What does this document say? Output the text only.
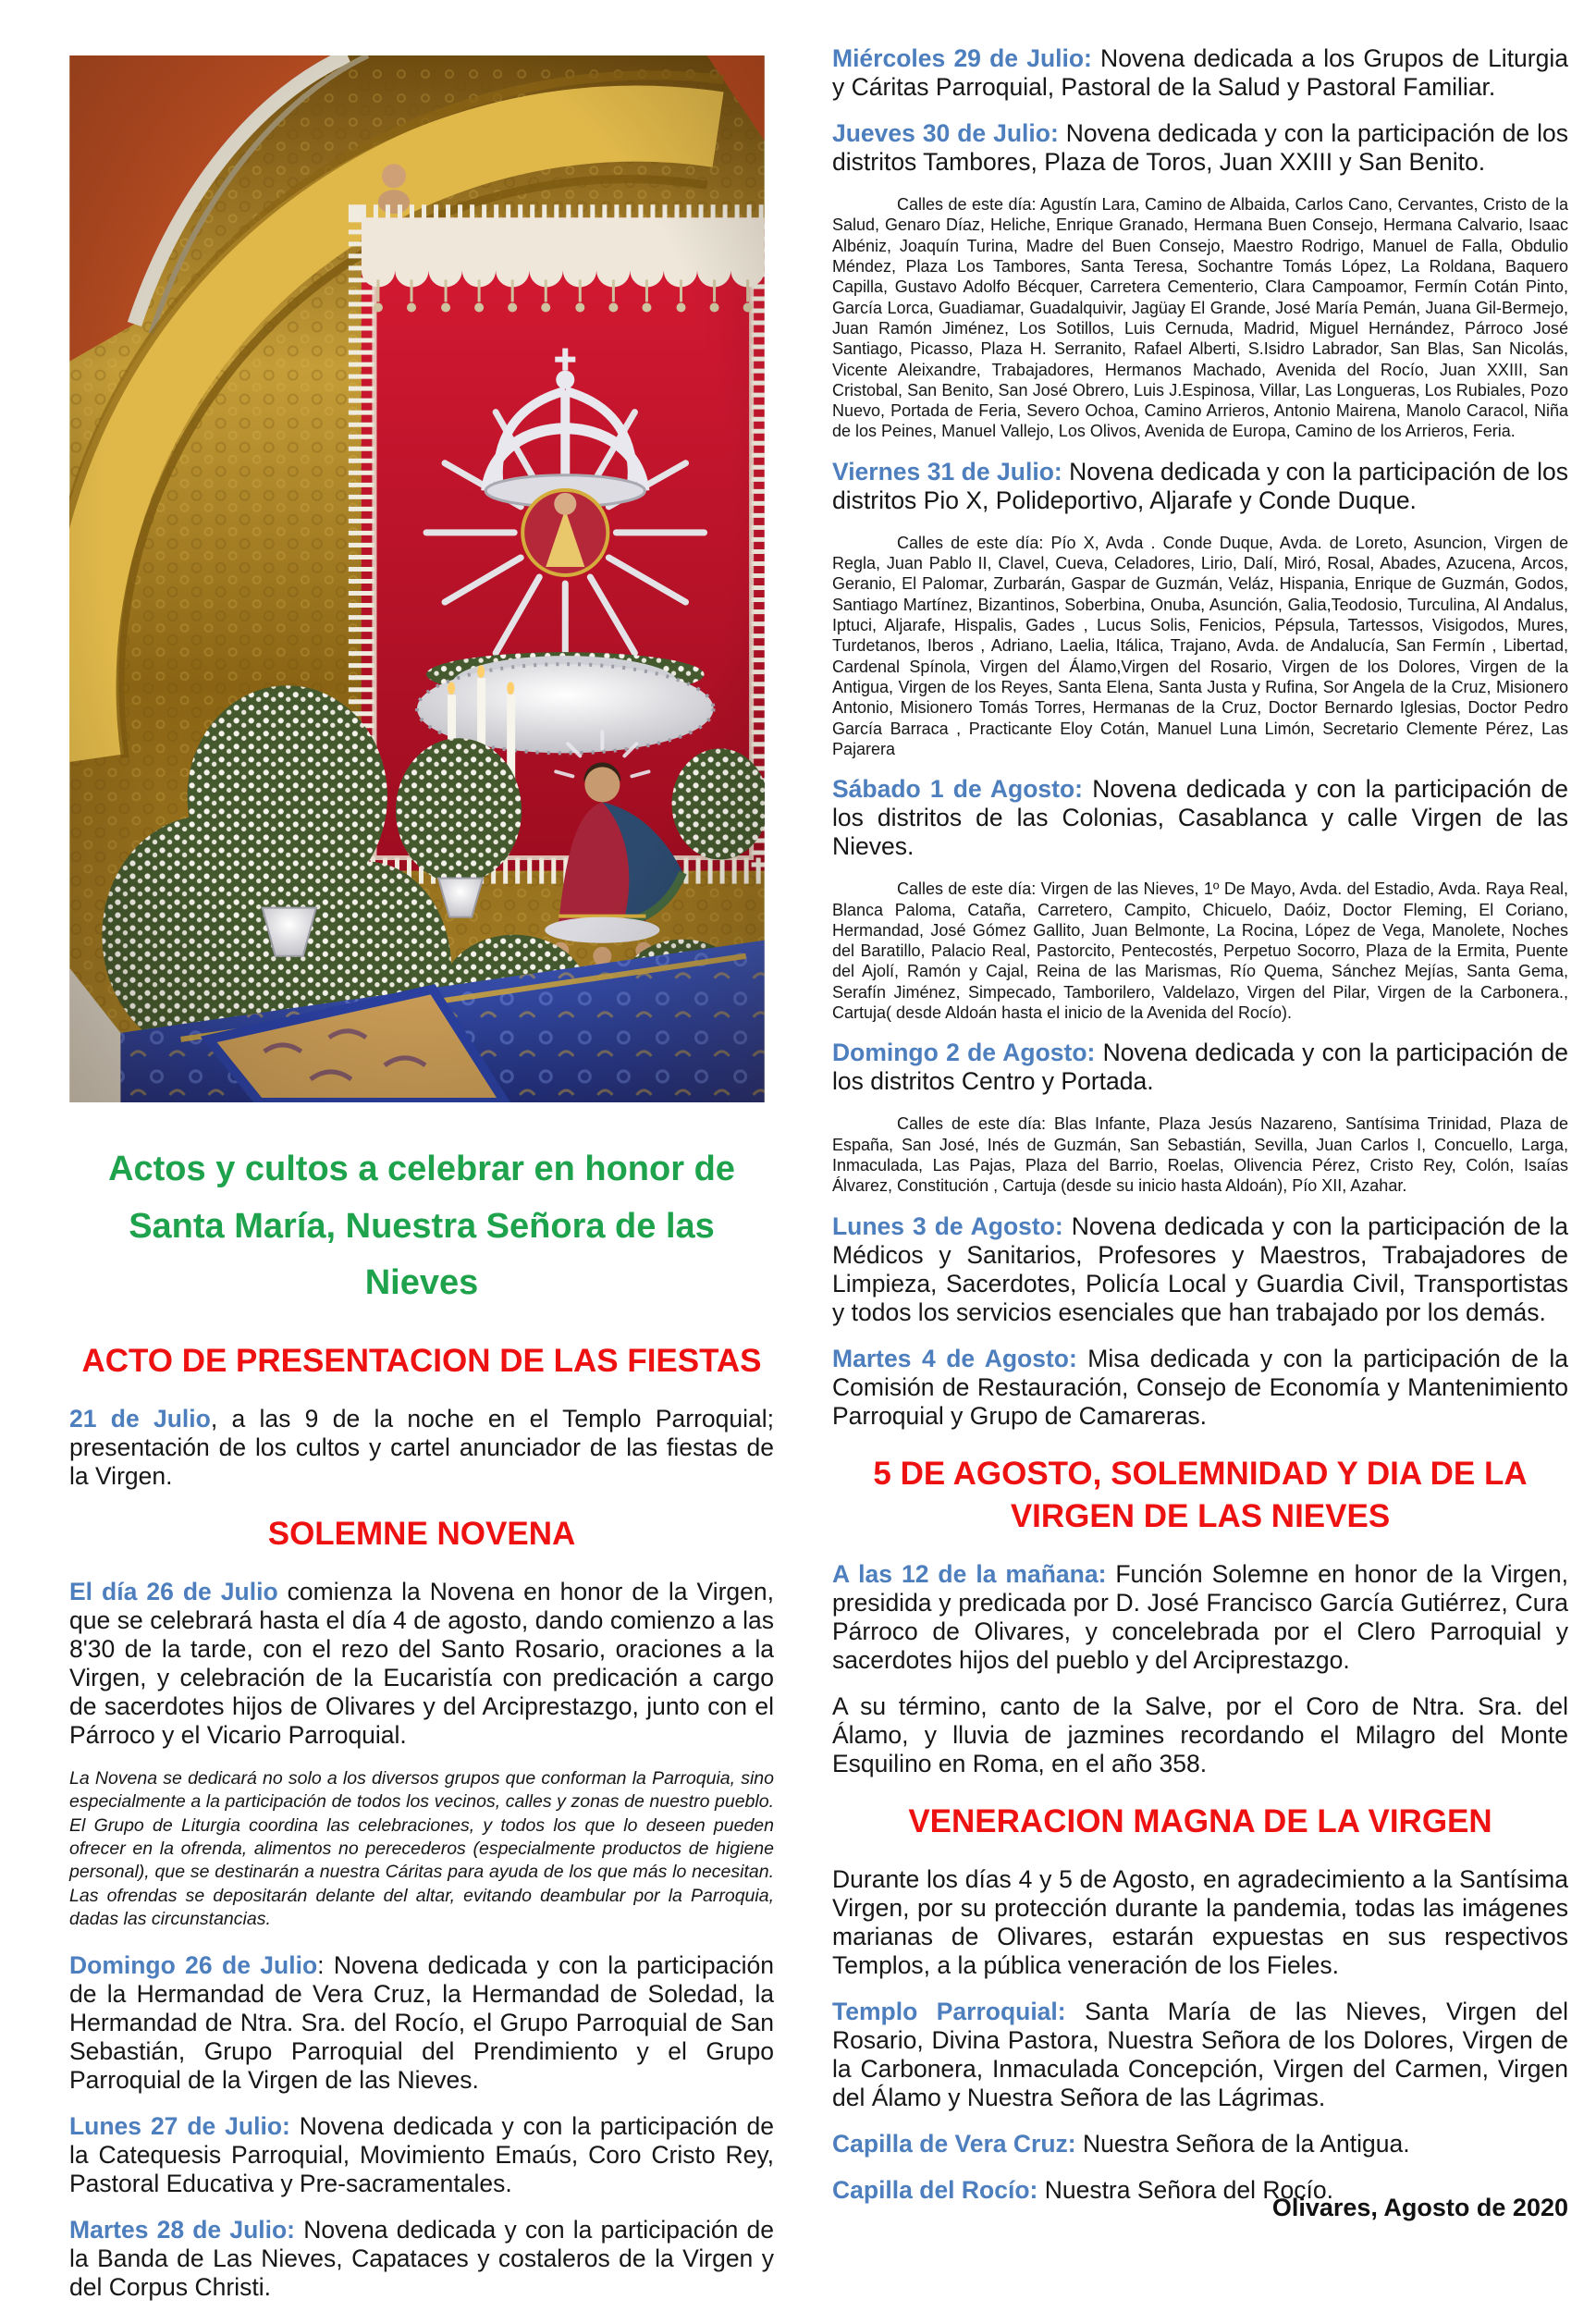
Actos y cultos a celebrar en honor de
Santa María, Nuestra Señora de las Nieves

ACTO DE PRESENTACION DE LAS FIESTAS

21 de Julio, a las 9 de la noche en el Templo Parroquial; presentación de los cultos y cartel anunciador de las fiestas de la Virgen.

SOLEMNE NOVENA

El día 26 de Julio comienza la Novena en honor de la Virgen, que se celebrará hasta el día 4 de agosto, dando comienzo a las 8'30 de la tarde, con el rezo del Santo Rosario, oraciones a la Virgen, y celebración de la Eucaristía con predicación a cargo de sacerdotes hijos de Olivares y del Arciprestazgo, junto con el Párroco y el Vicario Parroquial.

La Novena se dedicará no solo a los diversos grupos que conforman la Parroquia, sino especialmente a la participación de todos los vecinos, calles y zonas de nuestro pueblo. El Grupo de Liturgia coordina las celebraciones, y todos los que lo deseen pueden ofrecer en la ofrenda, alimentos no perecederos (especialmente productos de higiene personal), que se destinarán a nuestra Cáritas para ayuda de los que más lo necesitan. Las ofrendas se depositarán delante del altar, evitando deambular por la Parroquia, dadas las circunstancias.

Domingo 26 de Julio: Novena dedicada y con la participación de la Hermandad de Vera Cruz, la Hermandad de Soledad, la Hermandad de Ntra. Sra. del Rocío, el Grupo Parroquial de San Sebastián, Grupo Parroquial del Prendimiento y el Grupo Parroquial de la Virgen de las Nieves.

Lunes 27 de Julio: Novena dedicada y con la participación de la Catequesis Parroquial, Movimiento Emaús, Coro Cristo Rey, Pastoral Educativa y Pre-sacramentales.

Martes 28 de Julio: Novena dedicada y con la participación de la Banda de Las Nieves, Capataces y costaleros de la Virgen y del Corpus Christi.

Miércoles 29 de Julio: Novena dedicada a los Grupos de Liturgia y Cáritas Parroquial, Pastoral de la Salud y Pastoral Familiar.

Jueves 30 de Julio: Novena dedicada y con la participación de los distritos Tambores, Plaza de Toros, Juan XXIII y San Benito.

Calles de este día: Agustín Lara, Camino de Albaida, Carlos Cano, Cervantes, Cristo de la Salud, Genaro Díaz, Heliche, Enrique Granado, Hermana Buen Consejo, Hermana Calvario, Isaac Albéniz, Joaquín Turina, Madre del Buen Consejo, Maestro Rodrigo, Manuel de Falla, Obdulio Méndez, Plaza Los Tambores, Santa Teresa, Sochantre Tomás López, La Roldana, Baquero Capilla, Gustavo Adolfo Bécquer, Carretera Cementerio, Clara Campoamor, Fermín Cotán Pinto, García Lorca, Guadiamar, Guadalquivir, Jagüay El Grande, José María Pemán, Juana Gil-Bermejo, Juan Ramón Jiménez, Los Sotillos, Luis Cernuda, Madrid, Miguel Hernández, Párroco José Santiago, Picasso, Plaza H. Serranito, Rafael Alberti, S.Isidro Labrador, San Blas, San Nicolás, Vicente Aleixandre, Trabajadores, Hermanos Machado, Avenida del Rocío, Juan XXIII, San Cristobal, San Benito, San José Obrero, Luis J.Espinosa, Villar, Las Longueras, Los Rubiales, Pozo Nuevo, Portada de Feria, Severo Ochoa, Camino Arrieros, Antonio Mairena, Manolo Caracol, Niña de los Peines, Manuel Vallejo, Los Olivos, Avenida de Europa, Camino de los Arrieros, Feria.

Viernes 31 de Julio: Novena dedicada y con la participación de los distritos Pio X, Polideportivo, Aljarafe y Conde Duque.

Calles de este día: Pío X, Avda . Conde Duque, Avda. de Loreto, Asuncion, Virgen de Regla, Juan Pablo II, Clavel, Cueva, Celadores, Lirio, Dalí, Miró, Rosal, Abades, Azucena, Arcos, Geranio, El Palomar, Zurbarán, Gaspar de Guzmán, Veláz, Hispania, Enrique de Guzmán, Godos, Santiago Martínez, Bizantinos, Soberbina, Onuba, Asunción, Galia,Teodosio, Turculina, Al Andalus, Iptuci, Aljarafe, Hispalis, Gades , Lucus Solis, Fenicios, Pépsula, Tartessos, Visigodos, Mures, Turdetanos, Iberos , Adriano, Laelia, Itálica, Trajano, Avda. de Andalucía, San Fermín , Libertad, Cardenal Spínola, Virgen del Álamo,Virgen del Rosario, Virgen de los Dolores, Virgen de la Antigua, Virgen de los Reyes, Santa Elena, Santa Justa y Rufina, Sor Angela de la Cruz, Misionero Antonio, Misionero Tomás Torres, Hermanas de la Cruz, Doctor Bernardo Iglesias, Doctor Pedro García Barraca , Practicante Eloy Cotán, Manuel Luna Limón, Secretario Clemente Pérez, Las Pajarera

Sábado 1 de Agosto: Novena dedicada y con la participación de los distritos de las Colonias, Casablanca y calle Virgen de las Nieves.

Calles de este día: Virgen de las Nieves, 1º De Mayo, Avda. del Estadio, Avda. Raya Real, Blanca Paloma, Cataña, Carretero, Campito, Chicuelo, Daóiz, Doctor Fleming, El Coriano, Hermandad, José Gómez Gallito, Juan Belmonte, La Rocina, López de Vega, Manolete, Noches del Baratillo, Palacio Real, Pastorcito, Pentecostés, Perpetuo Socorro, Plaza de la Ermita, Puente del Ajolí, Ramón y Cajal, Reina de las Marismas, Río Quema, Sánchez Mejías, Santa Gema, Serafín Jiménez, Simpecado, Tamborilero, Valdelazo, Virgen del Pilar, Virgen de la Carbonera., Cartuja( desde Aldoán hasta el inicio de la Avenida del Rocío).

Domingo 2 de Agosto: Novena dedicada y con la participación de los distritos Centro y Portada.

Calles de este día: Blas Infante, Plaza Jesús Nazareno, Santísima Trinidad, Plaza de España, San José, Inés de Guzmán, San Sebastián, Sevilla, Juan Carlos I, Concuello, Larga, Inmaculada, Las Pajas, Plaza del Barrio, Roelas, Olivencia Pérez, Cristo Rey, Colón, Isaías Álvarez, Constitución , Cartuja (desde su inicio hasta Aldoán), Pío XII, Azahar.

Lunes 3 de Agosto: Novena dedicada y con la participación de la Médicos y Sanitarios, Profesores y Maestros, Trabajadores de Limpieza, Sacerdotes, Policía Local y Guardia Civil, Transportistas y todos los servicios esenciales que han trabajado por los demás.

Martes 4 de Agosto: Misa dedicada y con la participación de la Comisión de Restauración, Consejo de Economía y Mantenimiento Parroquial y Grupo de Camareras.

5 DE AGOSTO, SOLEMNIDAD Y DIA DE LA VIRGEN DE LAS NIEVES

A las 12 de la mañana: Función Solemne en honor de la Virgen, presidida y predicada por D. José Francisco García Gutiérrez, Cura Párroco de Olivares, y concelebrada por el Clero Parroquial y sacerdotes hijos del pueblo y del Arciprestazgo.

A su término, canto de la Salve, por el Coro de Ntra. Sra. del Álamo, y lluvia de jazmines recordando el Milagro del Monte Esquilino en Roma, en el año 358.

VENERACION MAGNA DE LA VIRGEN

Durante los días 4 y 5 de Agosto, en agradecimiento a la Santísima Virgen, por su protección durante la pandemia, todas las imágenes marianas de Olivares, estarán expuestas en sus respectivos Templos, a la pública veneración de los Fieles.

Templo Parroquial: Santa María de las Nieves, Virgen del Rosario, Divina Pastora, Nuestra Señora de los Dolores, Virgen de la Carbonera, Inmaculada Concepción, Virgen del Carmen, Virgen del Álamo y Nuestra Señora de las Lágrimas.

Capilla de Vera Cruz: Nuestra Señora de la Antigua.

Capilla del Rocío: Nuestra Señora del Rocío.

Olivares, Agosto de 2020
